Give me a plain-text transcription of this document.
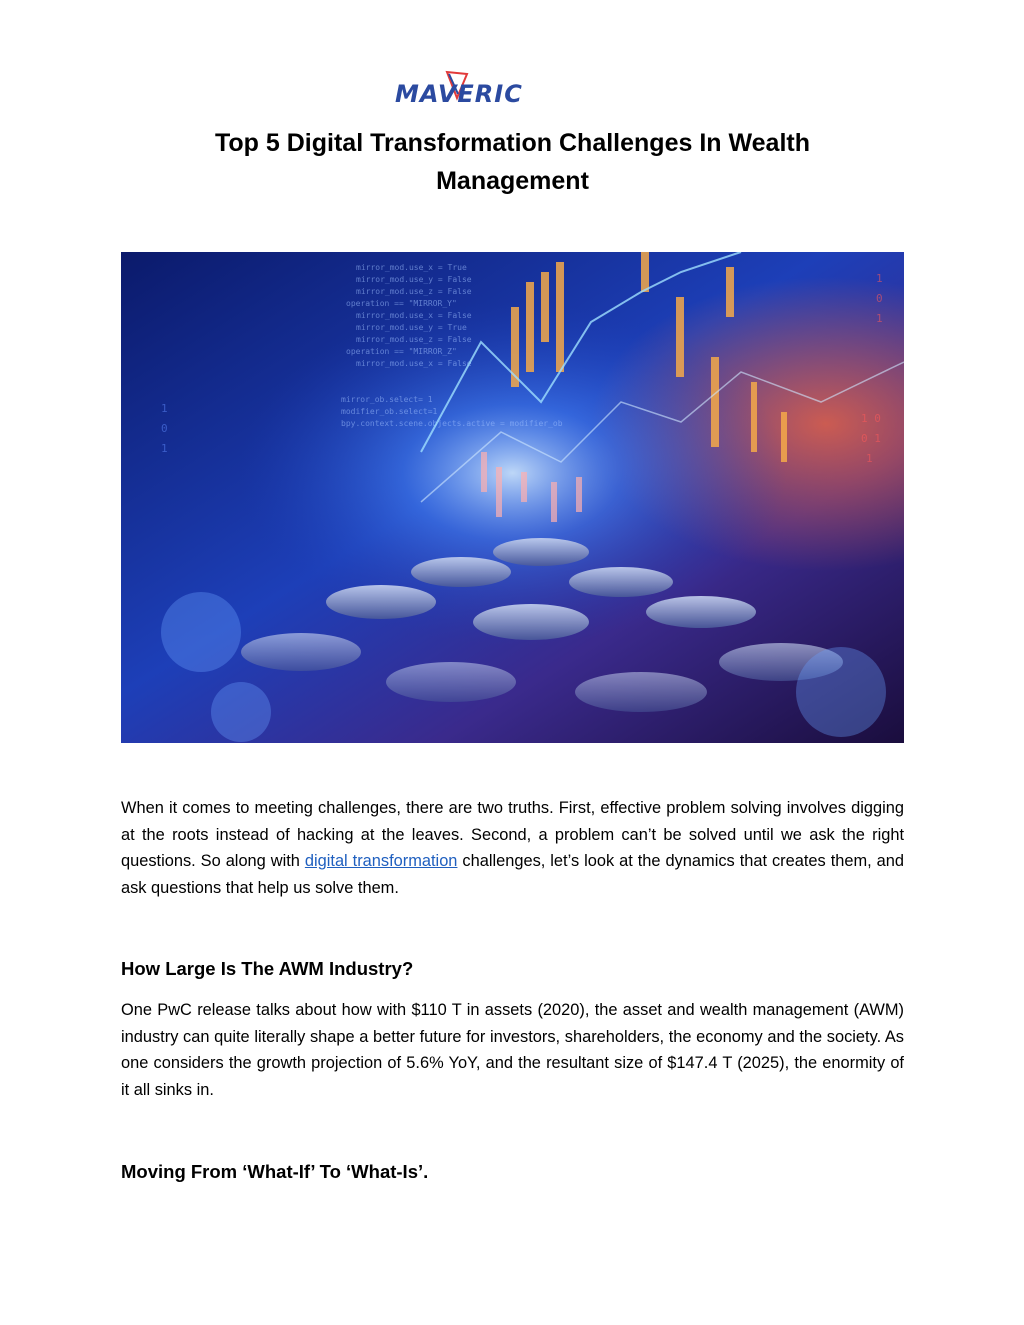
MAVERIC
Top 5 Digital Transformation Challenges In Wealth
Management
mirror_mod.use_x = True
mirror_mod.use_y = False
mirror_mod.use_z = False
operation == "MIRROR_Y"
mirror_mod.use_x = False
mirror_mod.use_y = True
mirror_mod.use_z = False
operation == "MIRROR_Z"
mirror_mod.use_x = False
mirror_ob.select= 1
modifier_ob.select=1
bpy.context.scene.objects.active = modifier_ob
1
0
1
1 0
0 1
1
1
0
1

When it comes to meeting challenges, there are two truths. First, effective problem solving involves digging at the roots instead of hacking at the leaves. Second, a problem can’t be solved until we ask the right questions. So along with digital transformation challenges, let’s look at the dynamics that creates them, and ask questions that help us solve them.

How Large Is The AWM Industry?

One PwC release talks about how with $110 T in assets (2020), the asset and wealth management (AWM) industry can quite literally shape a better future for investors, shareholders, the economy and the society. As one considers the growth projection of 5.6% YoY, and the resultant size of $147.4 T (2025), the enormity of it all sinks in.

Moving From ‘What-If’ To ‘What-Is’.
